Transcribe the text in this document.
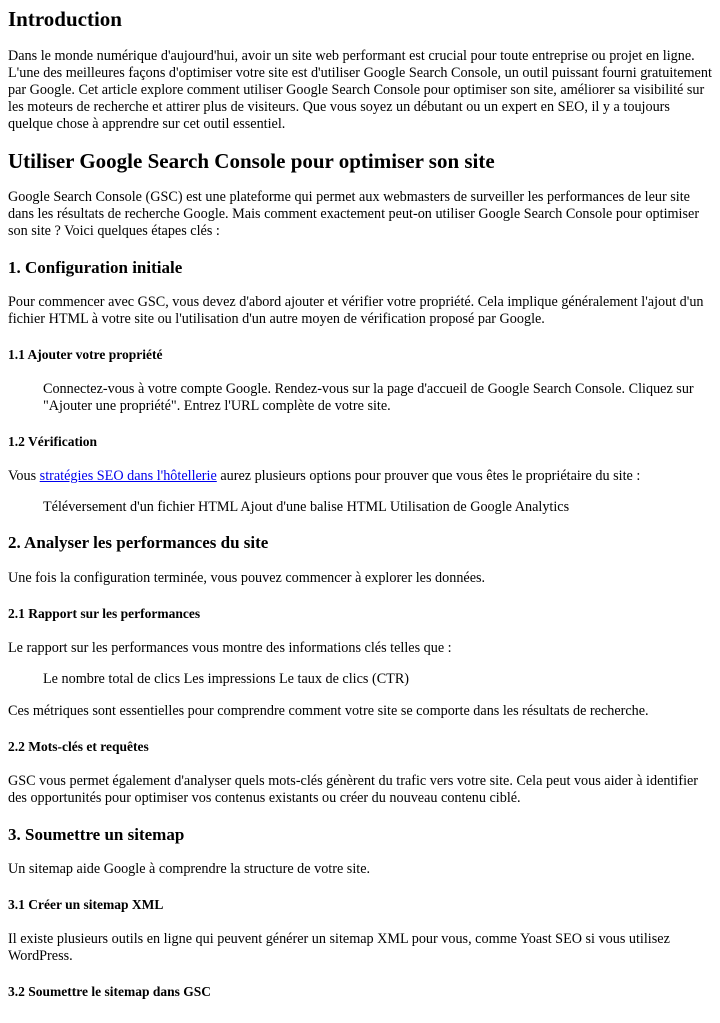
Introduction

Dans le monde numérique d'aujourd'hui, avoir un site web performant est crucial pour toute entreprise ou projet en ligne. L'une des meilleures façons d'optimiser votre site est d'utiliser Google Search Console, un outil puissant fourni gratuitement par Google. Cet article explore comment utiliser Google Search Console pour optimiser son site, améliorer sa visibilité sur les moteurs de recherche et attirer plus de visiteurs. Que vous soyez un débutant ou un expert en SEO, il y a toujours quelque chose à apprendre sur cet outil essentiel.

Utiliser Google Search Console pour optimiser son site

Google Search Console (GSC) est une plateforme qui permet aux webmasters de surveiller les performances de leur site dans les résultats de recherche Google. Mais comment exactement peut-on utiliser Google Search Console pour optimiser son site ? Voici quelques étapes clés :

1. Configuration initiale

Pour commencer avec GSC, vous devez d'abord ajouter et vérifier votre propriété. Cela implique généralement l'ajout d'un fichier HTML à votre site ou l'utilisation d'un autre moyen de vérification proposé par Google.

1.1 Ajouter votre propriété
Connectez-vous à votre compte Google. Rendez-vous sur la page d'accueil de Google Search Console. Cliquez sur "Ajouter une propriété". Entrez l'URL complète de votre site.
1.2 Vérification

Vous stratégies SEO dans l'hôtellerie aurez plusieurs options pour prouver que vous êtes le propriétaire du site :

Téléversement d'un fichier HTML Ajout d'une balise HTML Utilisation de Google Analytics
2. Analyser les performances du site

Une fois la configuration terminée, vous pouvez commencer à explorer les données.

2.1 Rapport sur les performances

Le rapport sur les performances vous montre des informations clés telles que :

Le nombre total de clics Les impressions Le taux de clics (CTR)

Ces métriques sont essentielles pour comprendre comment votre site se comporte dans les résultats de recherche.

2.2 Mots-clés et requêtes

GSC vous permet également d'analyser quels mots-clés génèrent du trafic vers votre site. Cela peut vous aider à identifier des opportunités pour optimiser vos contenus existants ou créer du nouveau contenu ciblé.

3. Soumettre un sitemap

Un sitemap aide Google à comprendre la structure de votre site.

3.1 Créer un sitemap XML

Il existe plusieurs outils en ligne qui peuvent générer un sitemap XML pour vous, comme Yoast SEO si vous utilisez WordPress.

3.2 Soumettre le sitemap dans GSC
